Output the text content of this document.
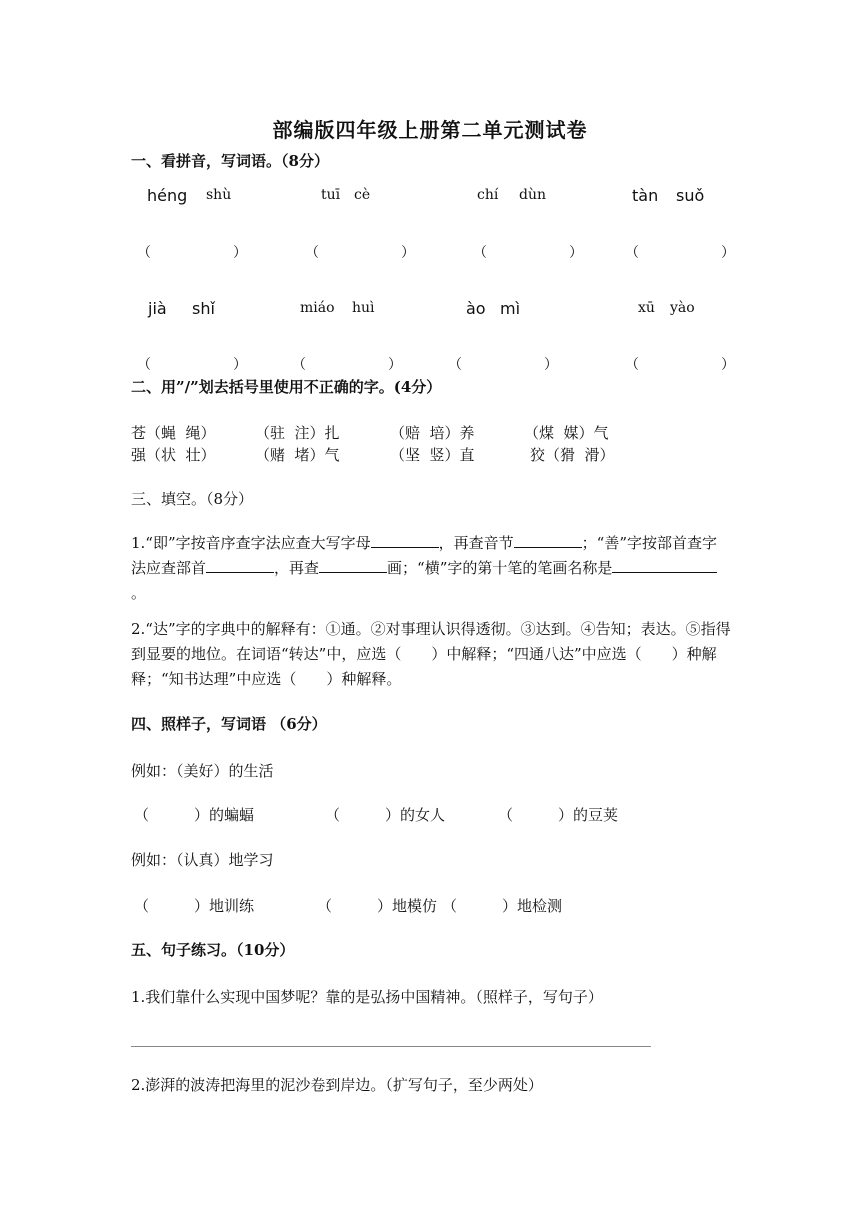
部编版四年级上册第二单元测试卷
一、看拼音，写词语。（8分）
héng shù	tuī cè	chí dùn	tàn suǒ
（	）	（	）	（	）	（	）
jià shǐ	miáo huì	ào mì	xū yào
（	）	（	）	（	）	（	）
二、用”/”划去括号里使用不正确的字。(4分）
苍（蝇  绳）	（驻  注）扎	（赔  培）养	（煤  媒）气
强（状  壮）	（赌  堵）气	（坚  竖）直	狡（猾  滑）
三、填空。（8分）
1.“即”字按音序查字法应查大写字母	，再查音节	；“善”字按部首查字法应查部首	，再查	画；“横”字的第十笔的笔画名称是。
2.“达”字的字典中的解释有：①通。②对事理认识得透彻。③达到。④告知；表达。⑤指得到显要的地位。在词语“转达”中，应选（　　）中解释；“四通八达”中应选（　　）种解释；“知书达理”中应选（　　）种解释。
四、照样子，写词语 （6分）
例如：（美好）的生活
（　　　）的蝙蝠	（　　　）的女人	（　　　）的豆荚
例如：（认真）地学习
（　　　）地训练	（　　　）地模仿 （　　　）地检测
五、句子练习。（10分）
1.我们靠什么实现中国梦呢？靠的是弘扬中国精神。（照样子，写句子）
2.澎湃的波涛把海里的泥沙卷到岸边。（扩写句子，至少两处）
